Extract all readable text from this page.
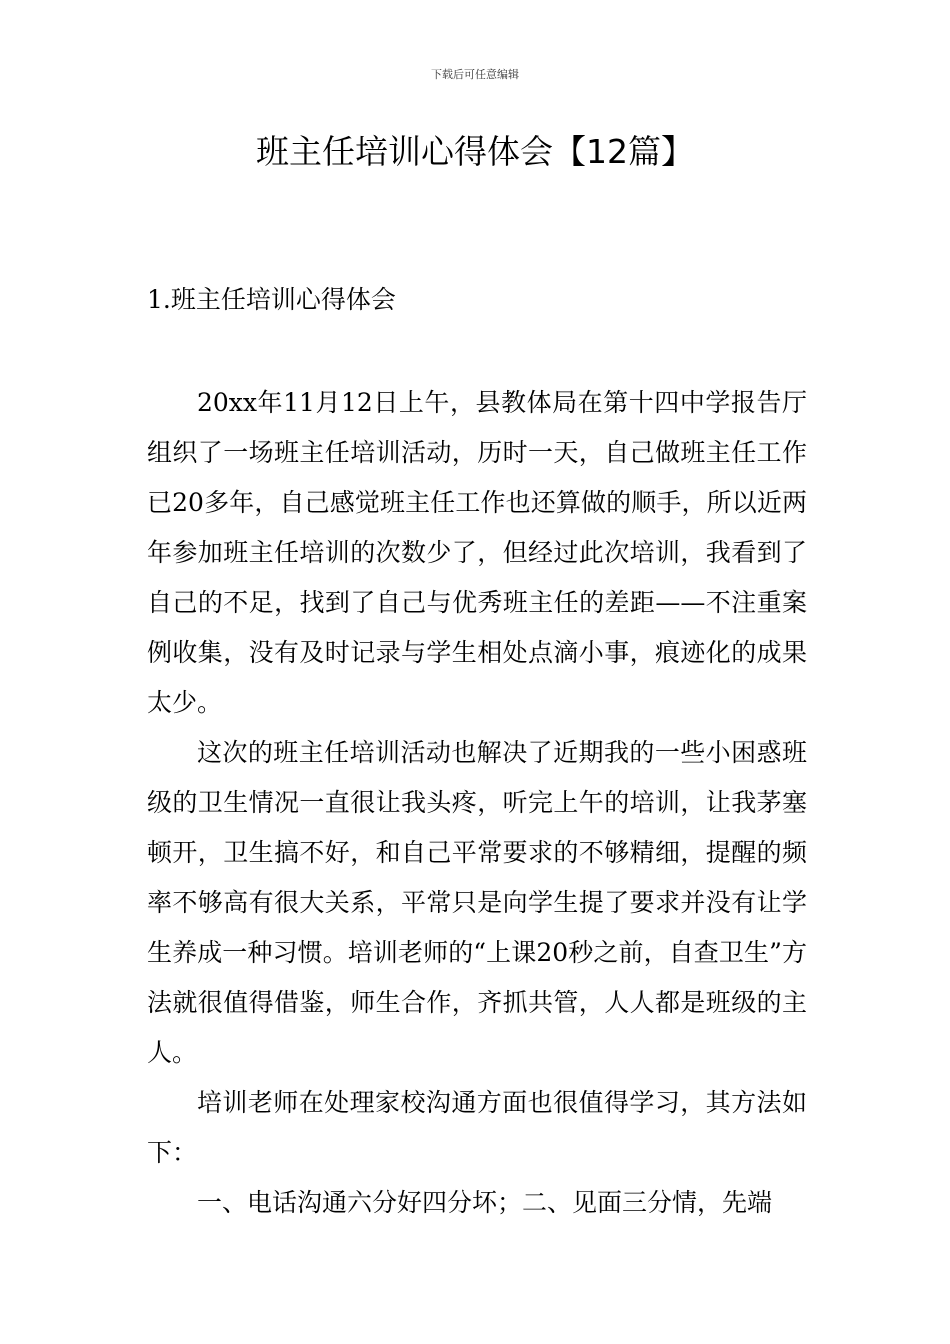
下载后可任意编辑
班主任培训心得体会【12篇】
1.班主任培训心得体会

20xx年11月12日上午，县教体局在第十四中学报告厅组织了一场班主任培训活动，历时一天，自己做班主任工作已20多年，自己感觉班主任工作也还算做的顺手，所以近两年参加班主任培训的次数少了，但经过此次培训，我看到了自己的不足，找到了自己与优秀班主任的差距——不注重案例收集，没有及时记录与学生相处点滴小事，痕迹化的成果太少。

这次的班主任培训活动也解决了近期我的一些小困惑班级的卫生情况一直很让我头疼，听完上午的培训，让我茅塞顿开，卫生搞不好，和自己平常要求的不够精细，提醒的频率不够高有很大关系，平常只是向学生提了要求并没有让学生养成一种习惯。培训老师的“上课20秒之前，自查卫生”方法就很值得借鉴，师生合作，齐抓共管，人人都是班级的主人。

培训老师在处理家校沟通方面也很值得学习，其方法如下：

一、电话沟通六分好四分坏；二、见面三分情，先端
